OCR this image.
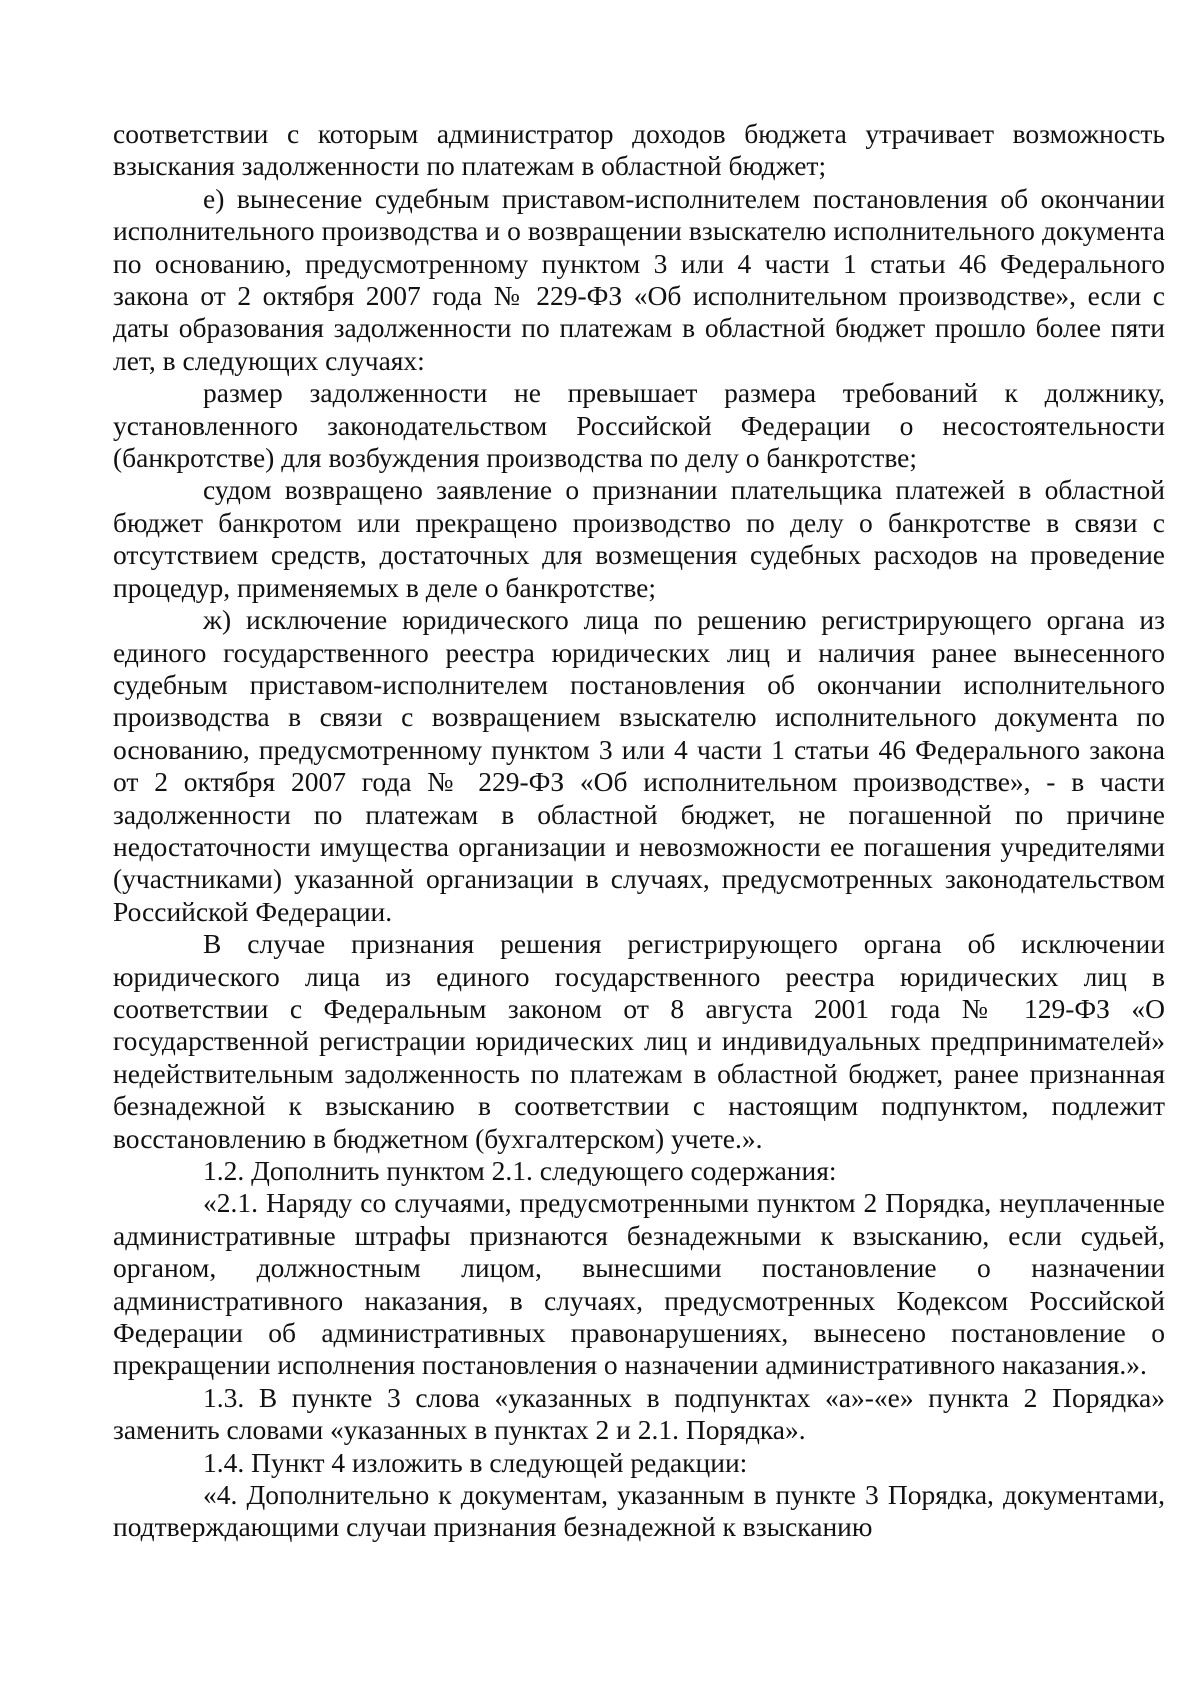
соответствии с которым администратор доходов бюджета утрачивает возможность взыскания задолженности по платежам в областной бюджет;

е) вынесение судебным приставом-исполнителем постановления об окончании исполнительного производства и о возвращении взыскателю исполнительного документа по основанию, предусмотренному пунктом 3 или 4 части 1 статьи 46 Федерального закона от 2 октября 2007 года № 229-ФЗ «Об исполнительном производстве», если с даты образования задолженности по платежам в областной бюджет прошло более пяти лет, в следующих случаях:

размер задолженности не превышает размера требований к должнику, установленного законодательством Российской Федерации о несостоятельности (банкротстве) для возбуждения производства по делу о банкротстве;

судом возвращено заявление о признании плательщика платежей в областной бюджет банкротом или прекращено производство по делу о банкротстве в связи с отсутствием средств, достаточных для возмещения судебных расходов на проведение процедур, применяемых в деле о банкротстве;

ж) исключение юридического лица по решению регистрирующего органа из единого государственного реестра юридических лиц и наличия ранее вынесенного судебным приставом-исполнителем постановления об окончании исполнительного производства в связи с возвращением взыскателю исполнительного документа по основанию, предусмотренному пунктом 3 или 4 части 1 статьи 46 Федерального закона от 2 октября 2007 года № 229-ФЗ «Об исполнительном производстве», - в части задолженности по платежам в областной бюджет, не погашенной по причине недостаточности имущества организации и невозможности ее погашения учредителями (участниками) указанной организации в случаях, предусмотренных законодательством Российской Федерации.

В случае признания решения регистрирующего органа об исключении юридического лица из единого государственного реестра юридических лиц в соответствии с Федеральным законом от 8 августа 2001 года № 129-ФЗ «О государственной регистрации юридических лиц и индивидуальных предпринимателей» недействительным задолженность по платежам в областной бюджет, ранее признанная безнадежной к взысканию в соответствии с настоящим подпунктом, подлежит восстановлению в бюджетном (бухгалтерском) учете.».

1.2. Дополнить пунктом 2.1. следующего содержания:

«2.1. Наряду со случаями, предусмотренными пунктом 2 Порядка, неуплаченные административные штрафы признаются безнадежными к взысканию, если судьей, органом, должностным лицом, вынесшими постановление о назначении административного наказания, в случаях, предусмотренных Кодексом Российской Федерации об административных правонарушениях, вынесено постановление о прекращении исполнения постановления о назначении административного наказания.».

1.3. В пункте 3 слова «указанных в подпунктах «а»-«е» пункта 2 Порядка» заменить словами «указанных в пунктах 2 и 2.1. Порядка».

1.4. Пункт 4 изложить в следующей редакции:

«4. Дополнительно к документам, указанным в пункте 3 Порядка, документами, подтверждающими случаи признания безнадежной к взысканию
